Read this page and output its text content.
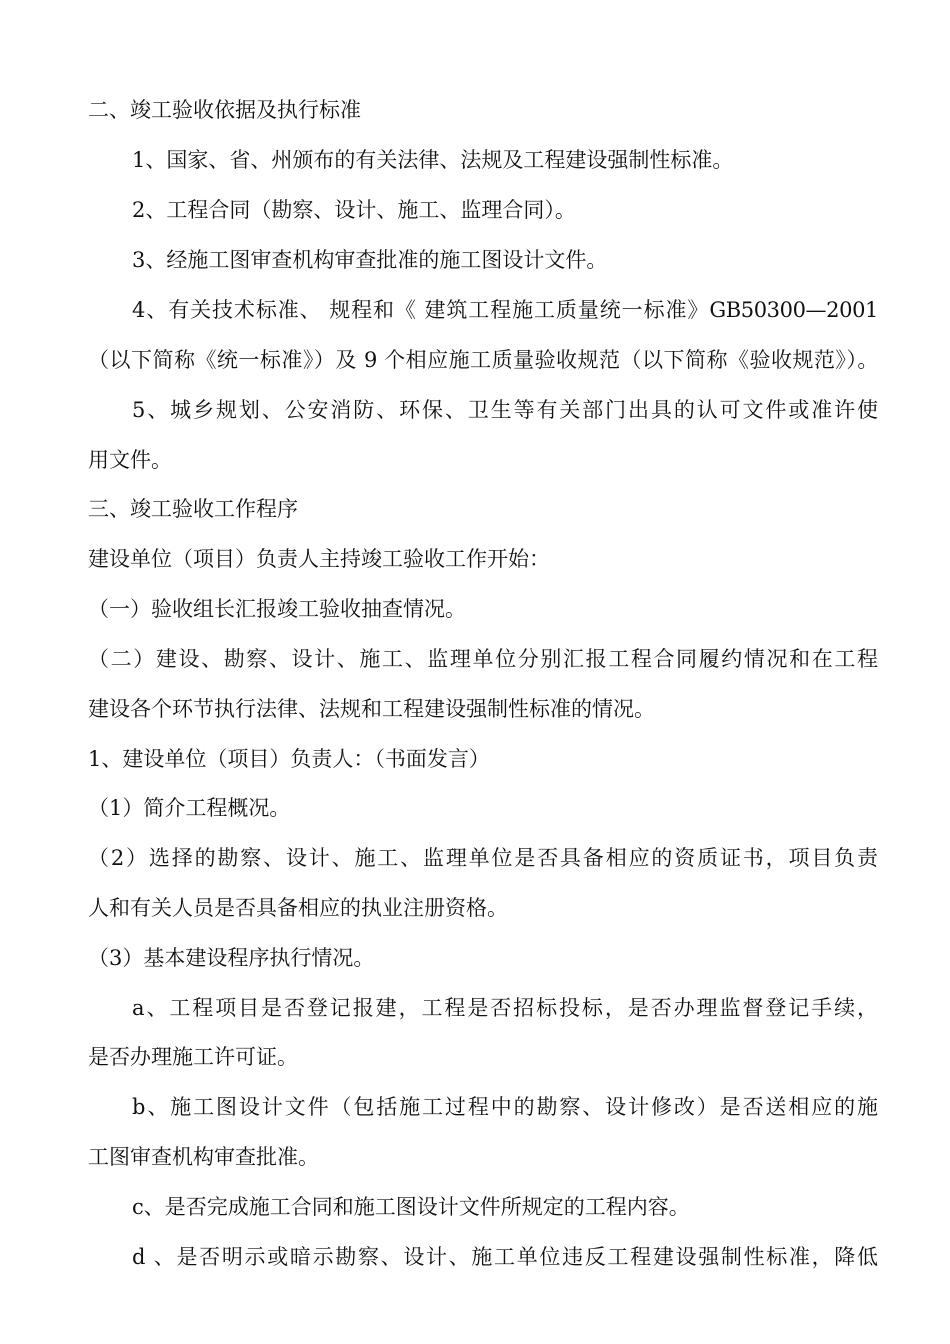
二、竣工验收依据及执行标准
1、国家、省、州颁布的有关法律、法规及工程建设强制性标准。
2、工程合同（勘察、设计、施工、监理合同）。
3、经施工图审查机构审查批准的施工图设计文件。
4、有关技术标准、 规程和《 建筑工程施工质量统一标准》GB50300—2001
（以下简称《统一标准》）及 9 个相应施工质量验收规范（以下简称《验收规范》）。
5、城乡规划、公安消防、环保、卫生等有关部门出具的认可文件或准许使
用文件。
三、竣工验收工作程序
建设单位（项目）负责人主持竣工验收工作开始：
（一）验收组长汇报竣工验收抽查情况。
（二）建设、勘察、设计、施工、监理单位分别汇报工程合同履约情况和在工程
建设各个环节执行法律、法规和工程建设强制性标准的情况。
1、建设单位（项目）负责人：（书面发言）
（1）简介工程概况。
（2）选择的勘察、设计、施工、监理单位是否具备相应的资质证书，项目负责
人和有关人员是否具备相应的执业注册资格。
（3）基本建设程序执行情况。
a、工程项目是否登记报建，工程是否招标投标，是否办理监督登记手续，
是否办理施工许可证。
b、施工图设计文件（包括施工过程中的勘察、设计修改）是否送相应的施
工图审查机构审查批准。
c、是否完成施工合同和施工图设计文件所规定的工程内容。
d 、是否明示或暗示勘察、设计、施工单位违反工程建设强制性标准，降低
